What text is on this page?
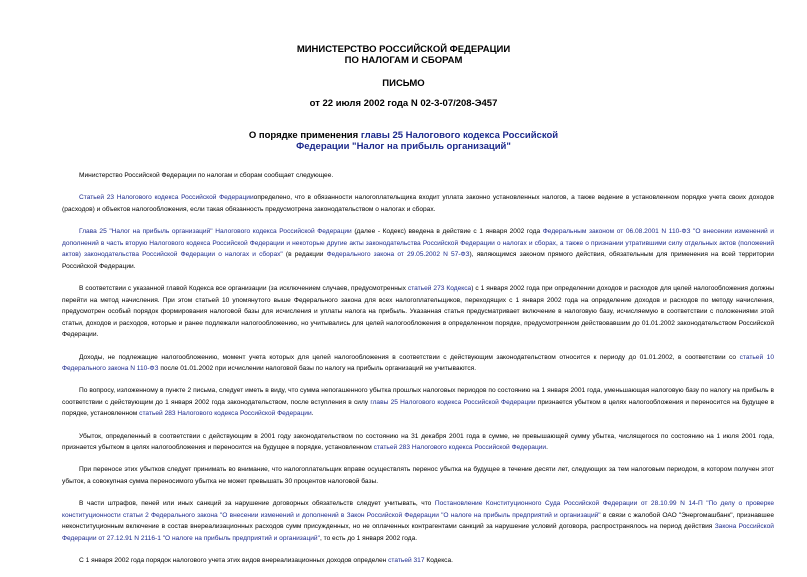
МИНИСТЕРСТВО РОССИЙСКОЙ ФЕДЕРАЦИИ
ПО НАЛОГАМ И СБОРАМ
ПИСЬМО
от 22 июля 2002 года N 02-3-07/208-Э457
О порядке применения главы 25 Налогового кодекса Российской
Федерации "Налог на прибыль организаций"

Министерство Российской Федерации по налогам и сборам сообщает следующее.

Статьей 23 Налогового кодекса Российской Федерацииопределено, что в обязанности налогоплательщика входит уплата законно установленных налогов, а также ведение в установленном порядке учета своих доходов (расходов) и объектов налогообложения, если такая обязанность предусмотрена законодательством о налогах и сборах.

Глава 25 "Налог на прибыль организаций" Налогового кодекса Российской Федерации (далее - Кодекс) введена в действие с 1 января 2002 года Федеральным законом от 06.08.2001 N 110-ФЗ "О внесении изменений и дополнений в часть вторую Налогового кодекса Российской Федерации и некоторые другие акты законодательства Российской Федерации о налогах и сборах, а также о признании утратившими силу отдельных актов (положений актов) законодательства Российской Федерации о налогах и сборах" (в редакции Федерального закона от 29.05.2002 N 57-ФЗ), являющимся законом прямого действия, обязательным для применения на всей территории Российской Федерации.

В соответствии с указанной главой Кодекса все организации (за исключением случаев, предусмотренных статьей 273 Кодекса) с 1 января 2002 года при определении доходов и расходов для целей налогообложения должны перейти на метод начисления. При этом статьей 10 упомянутого выше Федерального закона для всех налогоплательщиков, переходящих с 1 января 2002 года на определение доходов и расходов по методу начисления, предусмотрен особый порядок формирования налоговой базы для исчисления и уплаты налога на прибыль. Указанная статья предусматривает включение в налоговую базу, исчисляемую в соответствии с положениями этой статьи, доходов и расходов, которые и ранее подлежали налогообложению, но учитывались для целей налогообложения в определенном порядке, предусмотренном действовавшим до 01.01.2002 законодательством Российской Федерации.

Доходы, не подлежащие налогообложению, момент учета которых для целей налогообложения в соответствии с действующим законодательством относится к периоду до 01.01.2002, в соответствии со статьей 10 Федерального закона N 110-ФЗ после 01.01.2002 при исчислении налоговой базы по налогу на прибыль организаций не учитываются.

По вопросу, изложенному в пункте 2 письма, следует иметь в виду, что сумма непогашенного убытка прошлых налоговых периодов по состоянию на 1 января 2001 года, уменьшающая налоговую базу по налогу на прибыль в соответствии с действующим до 1 января 2002 года законодательством, после вступления в силу главы 25 Налогового кодекса Российской Федерации признается убытком в целях налогообложения и переносится на будущее в порядке, установленном статьей 283 Налогового кодекса Российской Федерации.

Убыток, определенный в соответствии с действующим в 2001 году законодательством по состоянию на 31 декабря 2001 года в сумме, не превышающей сумму убытка, числящегося по состоянию на 1 июля 2001 года, признается убытком в целях налогообложения и переносится на будущее в порядке, установленном статьей 283 Налогового кодекса Российской Федерации.

При переносе этих убытков следует принимать во внимание, что налогоплательщик вправе осуществлять перенос убытка на будущее в течение десяти лет, следующих за тем налоговым периодом, в котором получен этот убыток, а совокупная сумма переносимого убытка не может превышать 30 процентов налоговой базы.

В части штрафов, пеней или иных санкций за нарушение договорных обязательств следует учитывать, что Постановление Конституционного Суда Российской Федерации от 28.10.99 N 14-П "По делу о проверке конституционности статьи 2 Федерального закона "О внесении изменений и дополнений в Закон Российской Федерации "О налоге на прибыль предприятий и организаций" в связи с жалобой ОАО "Энергомашбанк", признавшее неконституционным включение в состав внереализационных расходов сумм присужденных, но не оплаченных контрагентами санкций за нарушение условий договора, распространялось на период действия Закона Российской Федерации от 27.12.91 N 2116-1 "О налоге на прибыль предприятий и организаций", то есть до 1 января 2002 года.

С 1 января 2002 года порядок налогового учета этих видов внереализационных доходов определен статьей 317 Кодекса.
